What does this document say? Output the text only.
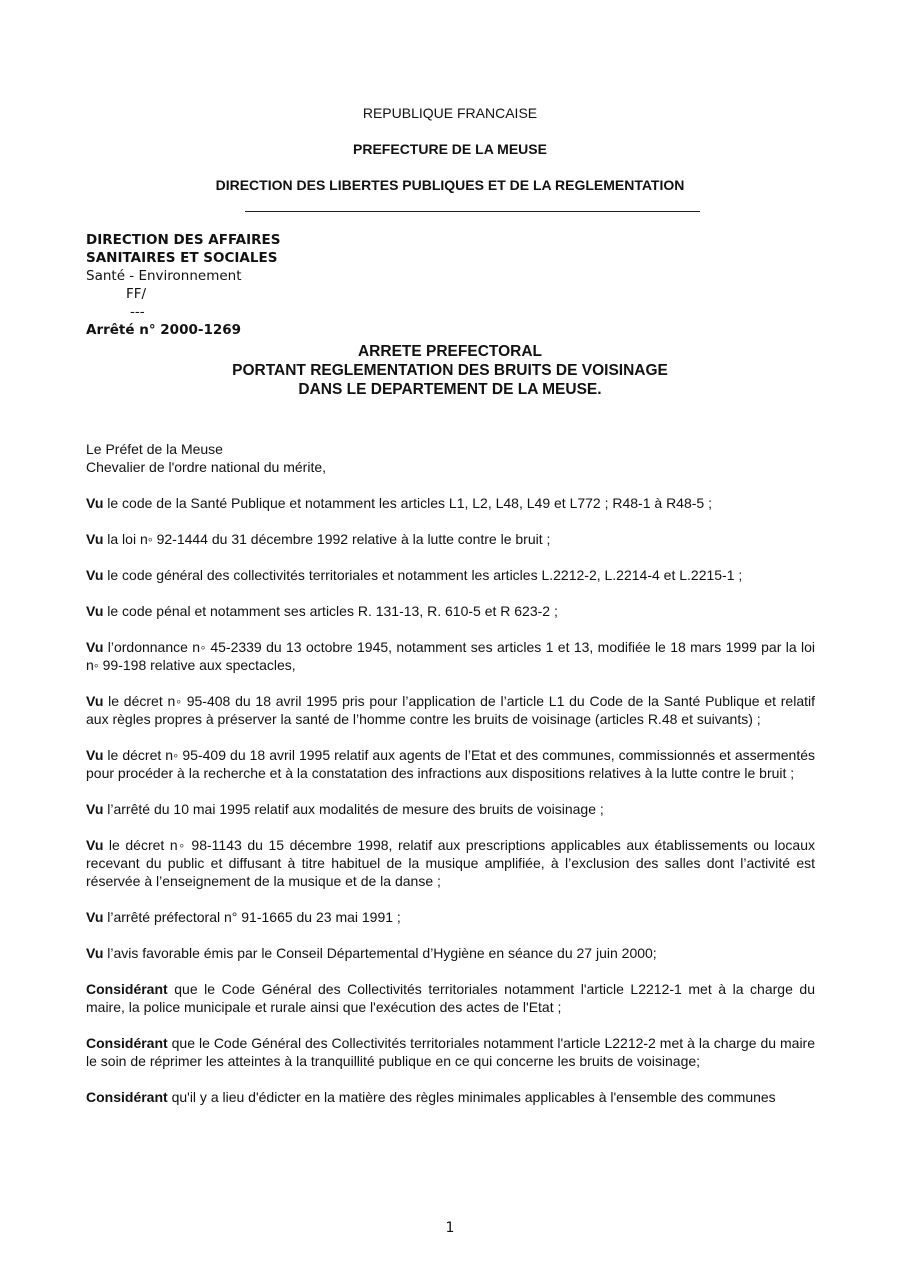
REPUBLIQUE FRANCAISE
PREFECTURE DE LA MEUSE
DIRECTION DES LIBERTES PUBLIQUES ET DE LA REGLEMENTATION
DIRECTION DES AFFAIRES
SANITAIRES ET SOCIALES
Santé - Environnement
FF/
---
Arrêté n° 2000-1269
ARRETE PREFECTORAL
PORTANT REGLEMENTATION DES BRUITS DE VOISINAGE
DANS LE DEPARTEMENT DE LA MEUSE.

Le Préfet de la Meuse

Chevalier de l'ordre national du mérite,

Vu le code de la Santé Publique et notamment les articles L1, L2, L48, L49 et L772 ; R48-1 à R48-5 ;

Vu la loi n◦ 92-1444 du 31 décembre 1992 relative à la lutte contre le bruit ;

Vu le code général des collectivités territoriales et notamment les articles L.2212-2, L.2214-4 et L.2215-1 ;

Vu le code pénal et notamment ses articles R. 131-13, R. 610-5 et R 623-2 ;

Vu l’ordonnance n◦ 45-2339 du 13 octobre 1945, notamment ses articles 1 et 13, modifiée le 18 mars 1999 par la loi n◦ 99-198 relative aux spectacles,

Vu le décret n◦ 95-408 du 18 avril 1995 pris pour l’application de l’article L1 du Code de la Santé Publique et relatif aux règles propres à préserver la santé de l’homme contre les bruits de voisinage (articles R.48 et suivants) ;

Vu le décret n◦ 95-409 du 18 avril 1995 relatif aux agents de l’Etat et des communes, commissionnés et assermentés pour procéder à la recherche et à la constatation des infractions aux dispositions relatives à la lutte contre le bruit ;

Vu l’arrêté du 10 mai 1995 relatif aux modalités de mesure des bruits de voisinage ;

Vu le décret n◦ 98-1143 du 15 décembre 1998, relatif aux prescriptions applicables aux établissements ou locaux recevant du public et diffusant à titre habituel de la musique amplifiée, à l’exclusion des salles dont l’activité est réservée à l’enseignement de la musique et de la danse ;

Vu l’arrêté préfectoral n° 91-1665 du 23 mai 1991 ;

Vu l’avis favorable émis par le Conseil Départemental d’Hygiène en séance du 27 juin 2000;

Considérant que le Code Général des Collectivités territoriales notamment l'article L2212-1 met à la charge du maire, la police municipale et rurale ainsi que l'exécution des actes de l'Etat ;

Considérant que le Code Général des Collectivités territoriales notamment l'article L2212-2 met à la charge du maire le soin de réprimer les atteintes à la tranquillité publique en ce qui concerne les bruits de voisinage;

Considérant qu'il y a lieu d'édicter en la matière des règles minimales applicables à l'ensemble des communes

1
